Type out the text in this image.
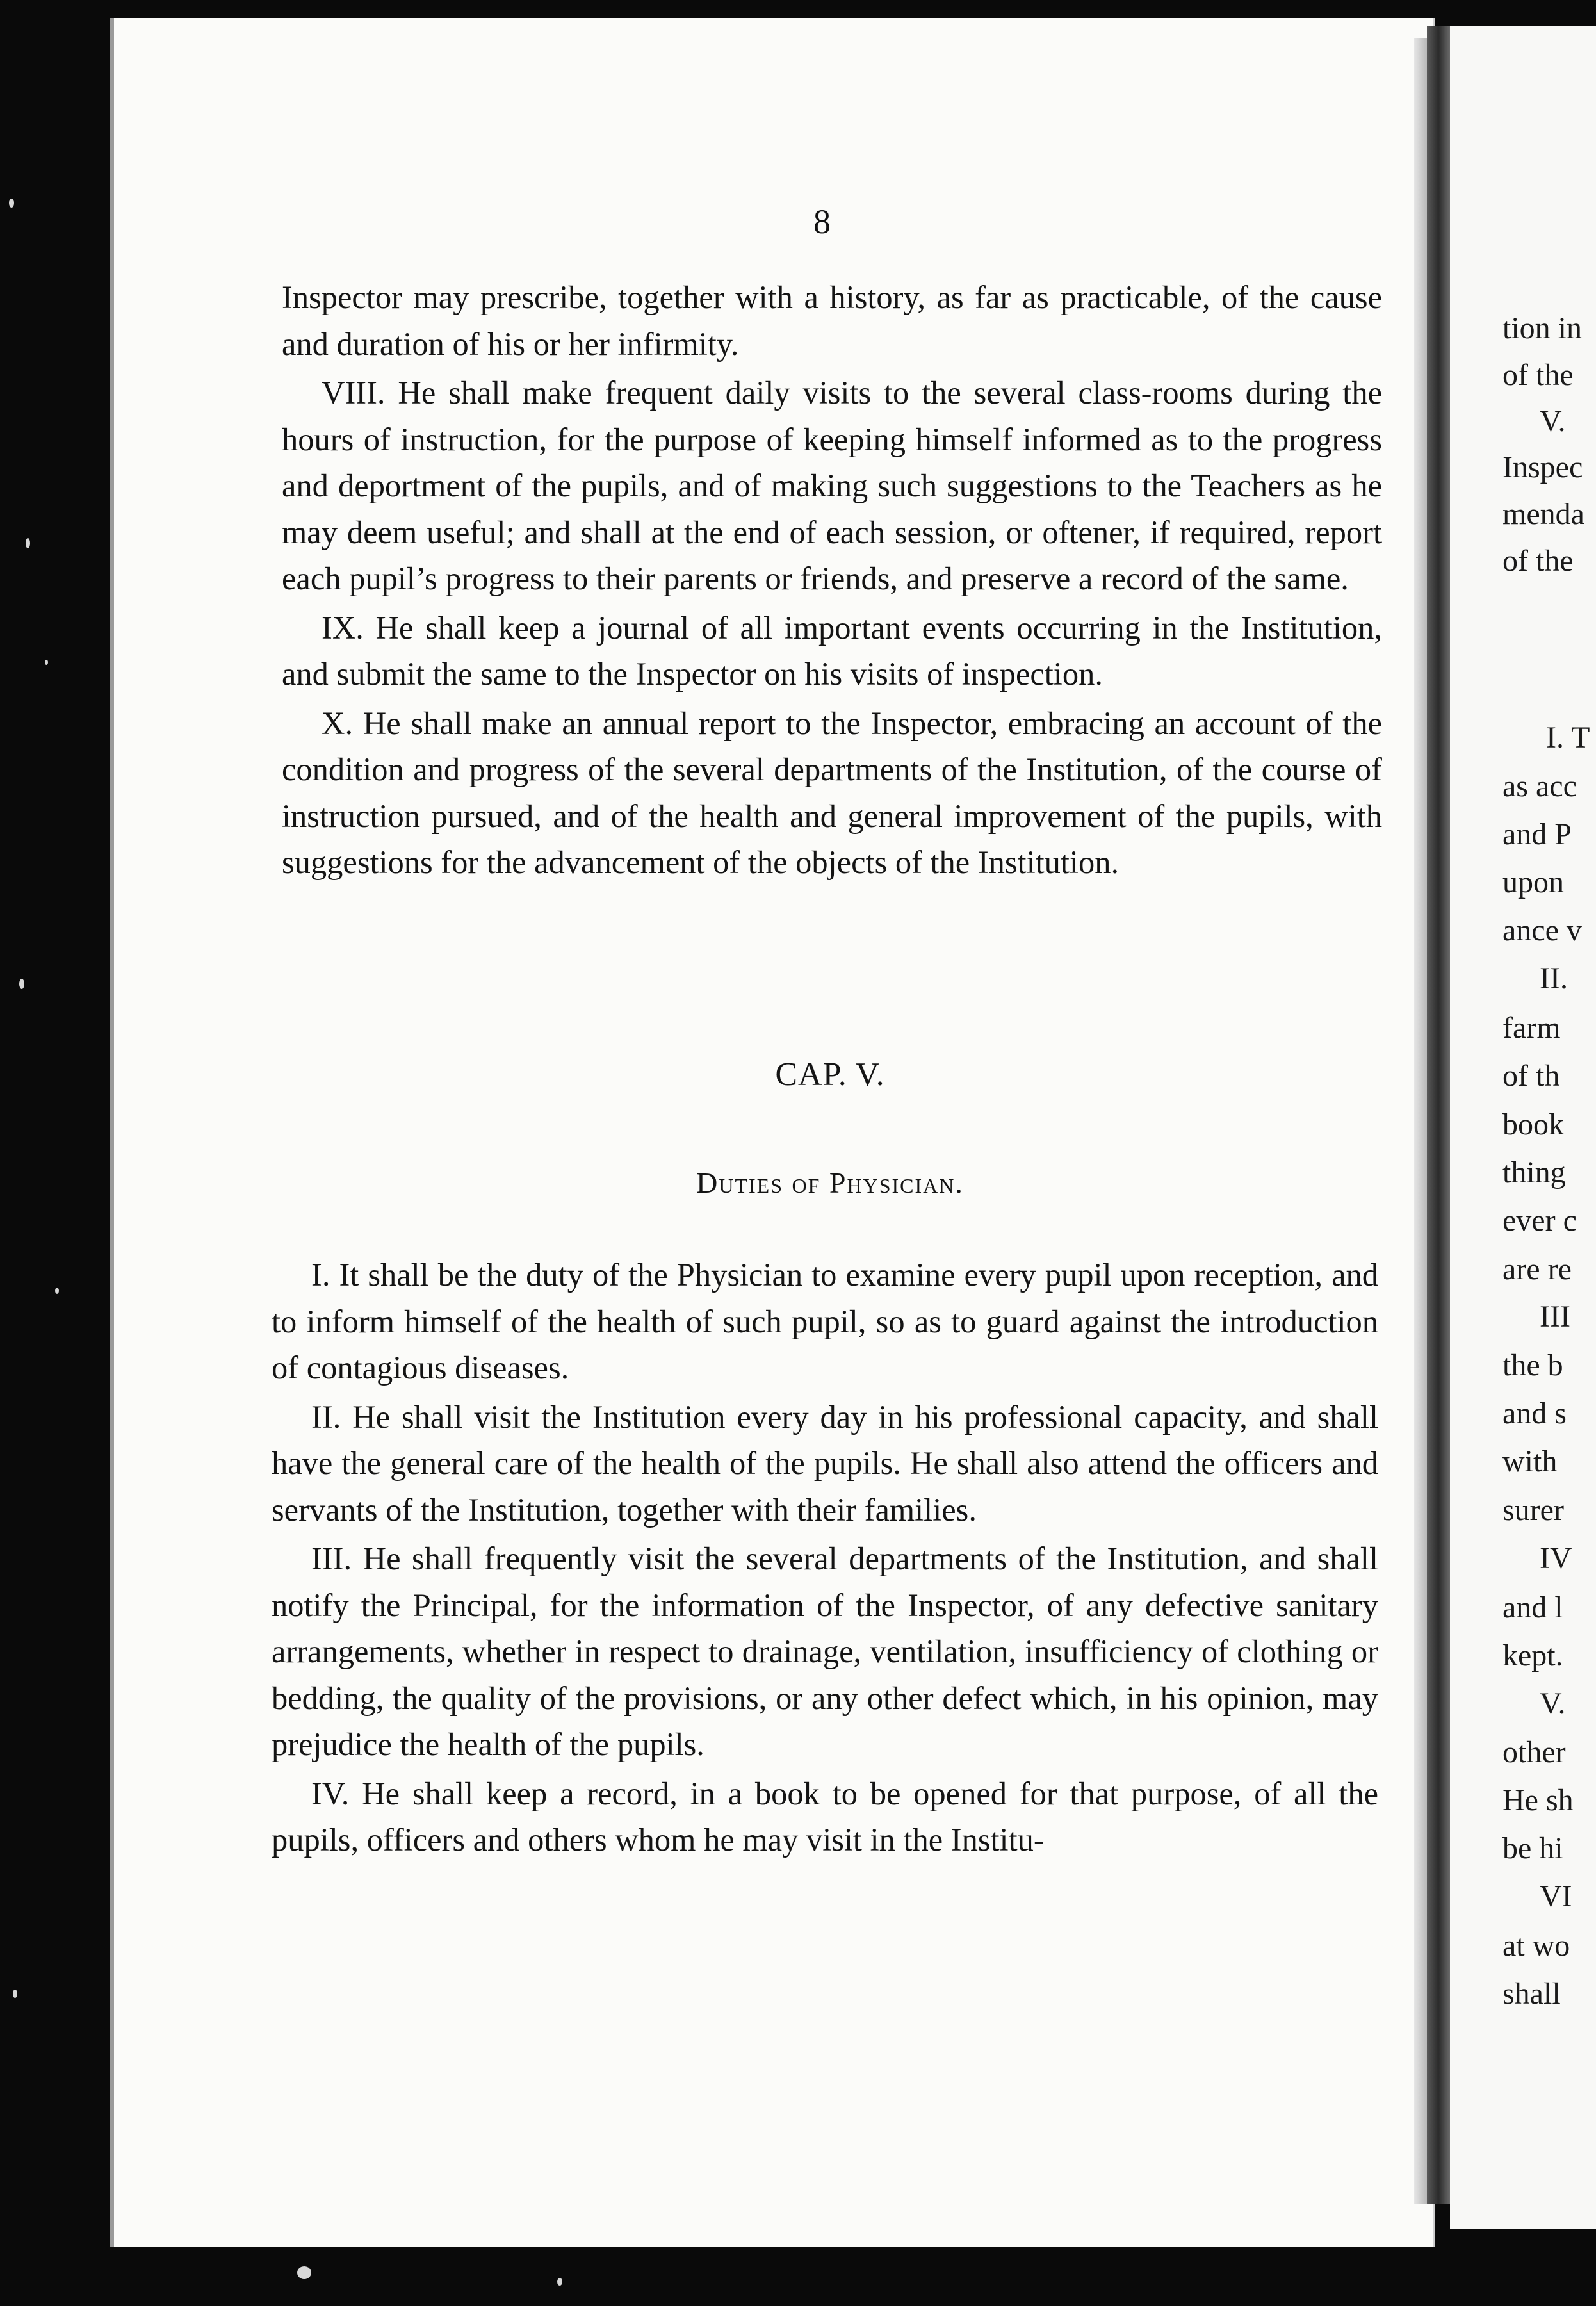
tion in
of the
V.
Inspec
menda
of the
I. T
as acc
and P
upon
ance v
II.
farm
of th
book
thing
ever c
are re
III
the b
and s
with
surer
IV
and l
kept.
V.
other
He sh
be hi
VI
at wo
shall
8

Inspector may prescribe, together with a history, as far as practicable, of the cause and duration of his or her infirmity.

VIII. He shall make frequent daily visits to the several class-rooms during the hours of instruction, for the purpose of keeping himself informed as to the progress and deportment of the pupils, and of making such suggestions to the Teachers as he may deem useful; and shall at the end of each session, or oftener, if required, report each pupil’s progress to their parents or friends, and preserve a record of the same.

IX. He shall keep a journal of all important events occurring in the Institution, and submit the same to the Inspector on his visits of inspection.

X. He shall make an annual report to the Inspector, embracing an account of the condition and progress of the several departments of the Institution, of the course of instruction pursued, and of the health and general improvement of the pupils, with suggestions for the advancement of the objects of the Institution.

CAP. V.
Duties of Physician.

I. It shall be the duty of the Physician to examine every pupil upon reception, and to inform himself of the health of such pupil, so as to guard against the introduction of contagious diseases.

II. He shall visit the Institution every day in his professional capacity, and shall have the general care of the health of the pupils. He shall also attend the officers and servants of the Institution, together with their families.

III. He shall frequently visit the several departments of the Institution, and shall notify the Principal, for the information of the Inspector, of any defective sanitary arrangements, whether in respect to drainage, ventilation, insufficiency of clothing or bedding, the quality of the provisions, or any other defect which, in his opinion, may prejudice the health of the pupils.

IV. He shall keep a record, in a book to be opened for that purpose, of all the pupils, officers and others whom he may visit in the Institu-
